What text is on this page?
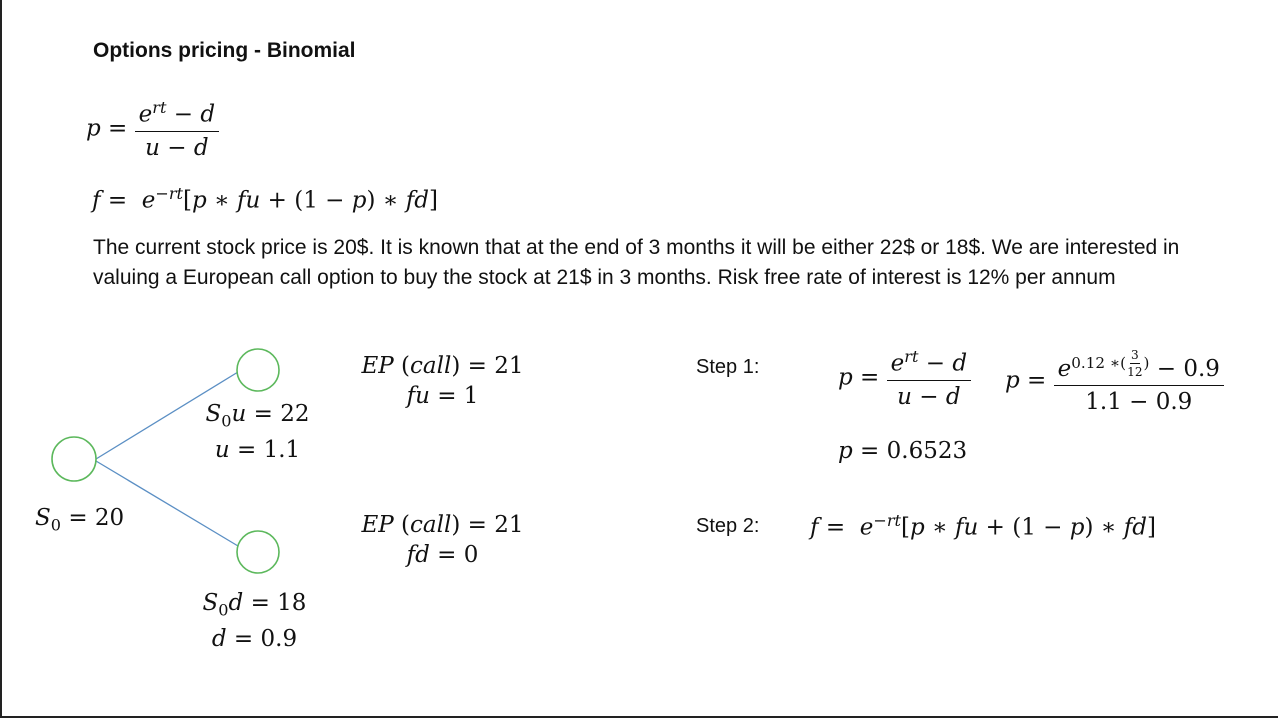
Options pricing - Binomial
$p = \frac{e^{rt} - d}{u - d}$
$f = e^{-rt}[p$ ∗ fu + (1 − p) ∗ fd]
The current stock price is 20$. It is known that at the end of 3 months it will be either 22$ or 18$. We are interested in valuing a European call option to buy the stock at 21$ in 3 months. Risk free rate of interest is 12% per annum
$S_0 = 20$
$S_0u = 22$
u = 1.1
$S_0d = 18$
d = 0.9
EP (call) = 21
fu = 1
EP (call) = 21
fd = 0
Step 1:	$p = \frac{e^{rt} - d}{u - d}$ $p = e^{0.12 ∗( \frac{3}{12} )} - 0.9$
1.1 − 0.9
p = 0.6523
Step 2: $f = e^{-rt}[p$ ∗ fu + (1 − p) ∗ fd]
